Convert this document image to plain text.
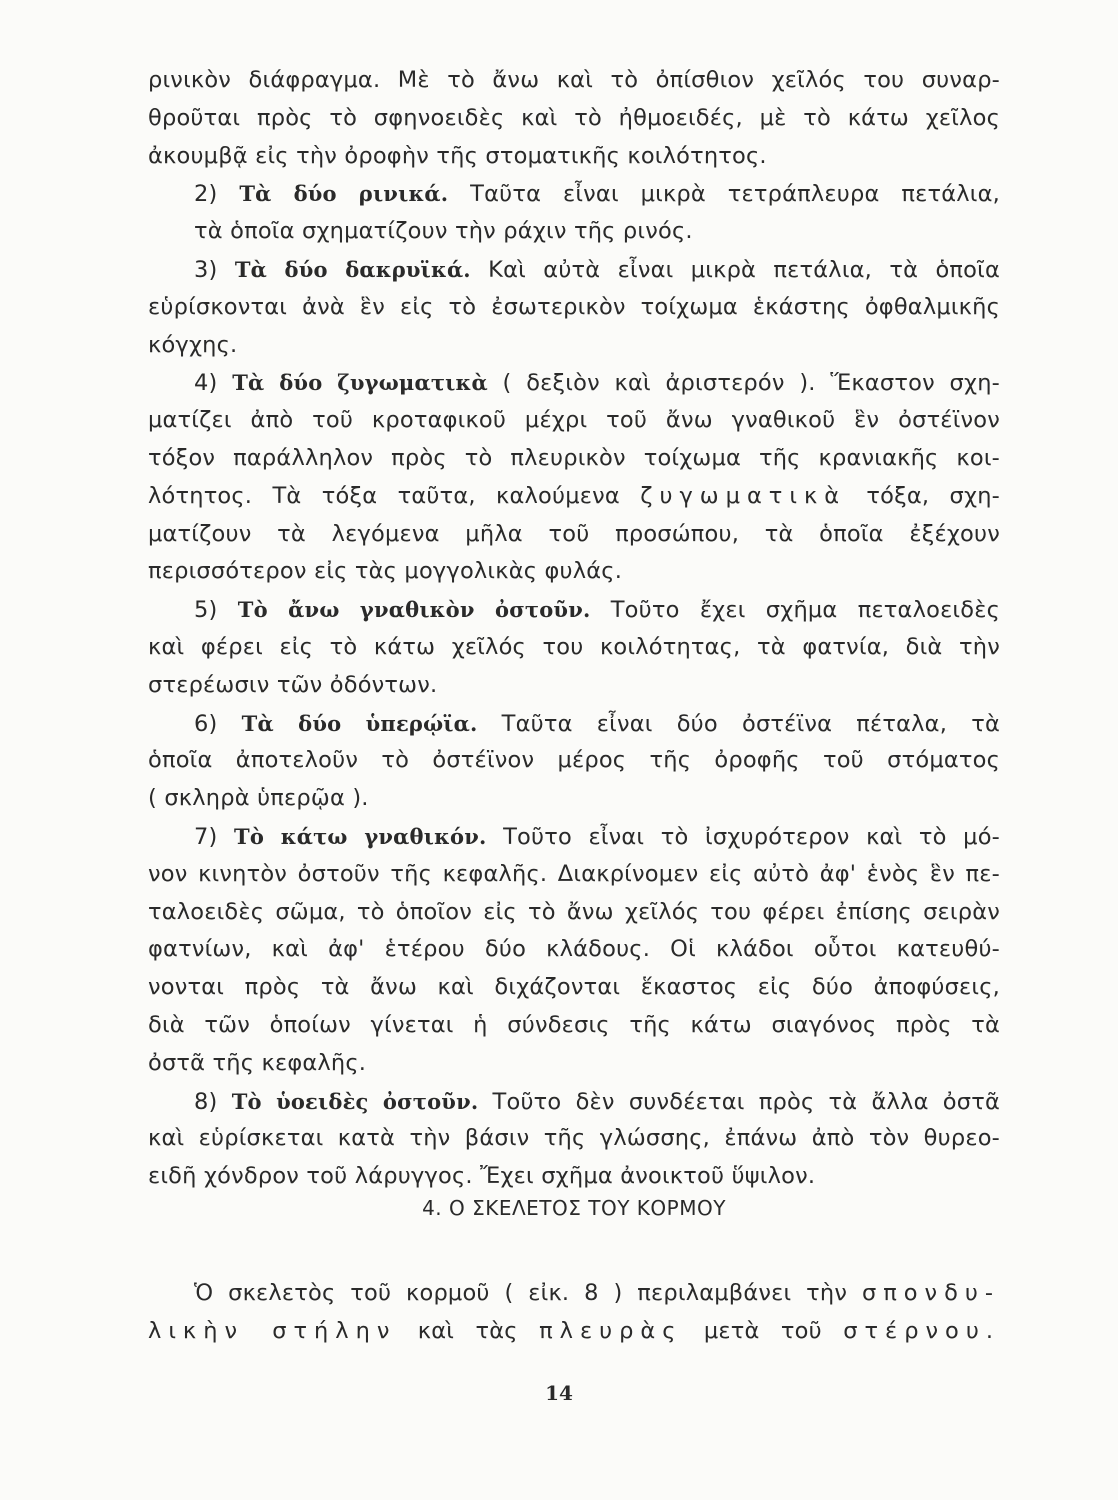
ρινικὸν διάφραγμα. Μὲ τὸ ἄνω καὶ τὸ ὀπίσθιον χεῖλός του συναρ-
θροῦται πρὸς τὸ σφηνοειδὲς καὶ τὸ ἠθμοειδές, μὲ τὸ κάτω χεῖλος
ἀκουμβᾷ εἰς τὴν ὀροφὴν τῆς στοματικῆς κοιλότητος.
2) Τὰ δύο ρινικά. Ταῦτα εἶναι μικρὰ τετράπλευρα πετάλια,
τὰ ὁποῖα σχηματίζουν τὴν ράχιν τῆς ρινός.
3) Τὰ δύο δακρυϊκά. Καὶ αὐτὰ εἶναι μικρὰ πετάλια, τὰ ὁποῖα
εὑρίσκονται ἀνὰ ἓν εἰς τὸ ἐσωτερικὸν τοίχωμα ἑκάστης ὀφθαλμικῆς
κόγχης.
4) Τὰ δύο ζυγωματικὰ ( δεξιὸν καὶ ἀριστερόν ). Ἕκαστον σχη-
ματίζει ἀπὸ τοῦ κροταφικοῦ μέχρι τοῦ ἄνω γναθικοῦ ἓν ὀστέϊνον
τόξον παράλληλον πρὸς τὸ πλευρικὸν τοίχωμα τῆς κρανιακῆς κοι-
λότητος. Τὰ τόξα ταῦτα, καλούμενα ζυγωματικὰ τόξα, σχη-
ματίζουν τὰ λεγόμενα μῆλα τοῦ προσώπου, τὰ ὁποῖα ἐξέχουν
περισσότερον εἰς τὰς μογγολικὰς φυλάς.
5) Τὸ ἄνω γναθικὸν ὀστοῦν. Τοῦτο ἔχει σχῆμα πεταλοειδὲς
καὶ φέρει εἰς τὸ κάτω χεῖλός του κοιλότητας, τὰ φατνία, διὰ τὴν
στερέωσιν τῶν ὀδόντων.
6) Τὰ δύο ὑπερῴϊα. Ταῦτα εἶναι δύο ὀστέϊνα πέταλα, τὰ
ὁποῖα ἀποτελοῦν τὸ ὀστέϊνον μέρος τῆς ὀροφῆς τοῦ στόματος
( σκληρὰ ὑπερῷα ).
7) Τὸ κάτω γναθικόν. Τοῦτο εἶναι τὸ ἰσχυρότερον καὶ τὸ μό-
νον κινητὸν ὀστοῦν τῆς κεφαλῆς. Διακρίνομεν εἰς αὐτὸ ἀφ' ἑνὸς ἓν πε-
ταλοειδὲς σῶμα, τὸ ὁποῖον εἰς τὸ ἄνω χεῖλός του φέρει ἐπίσης σειρὰν
φατνίων, καὶ ἀφ' ἑτέρου δύο κλάδους. Οἱ κλάδοι οὗτοι κατευθύ-
νονται πρὸς τὰ ἄνω καὶ διχάζονται ἕκαστος εἰς δύο ἀποφύσεις,
διὰ τῶν ὁποίων γίνεται ἡ σύνδεσις τῆς κάτω σιαγόνος πρὸς τὰ
ὀστᾶ τῆς κεφαλῆς.
8) Τὸ ὑοειδὲς ὀστοῦν. Τοῦτο δὲν συνδέεται πρὸς τὰ ἄλλα ὀστᾶ
καὶ εὑρίσκεται κατὰ τὴν βάσιν τῆς γλώσσης, ἐπάνω ἀπὸ τὸν θυρεο-
ειδῆ χόνδρον τοῦ λάρυγγος. Ἔχει σχῆμα ἀνοικτοῦ ὕψιλον.
4. Ο ΣΚΕΛΕΤΟΣ ΤΟΥ ΚΟΡΜΟΥ
Ὁ σκελετὸς τοῦ κορμοῦ ( εἰκ. 8 ) περιλαμβάνει τὴν σπονδυ-
λικὴν στήλην καὶ τὰς πλευρὰς μετὰ τοῦ στέρνου.
14
